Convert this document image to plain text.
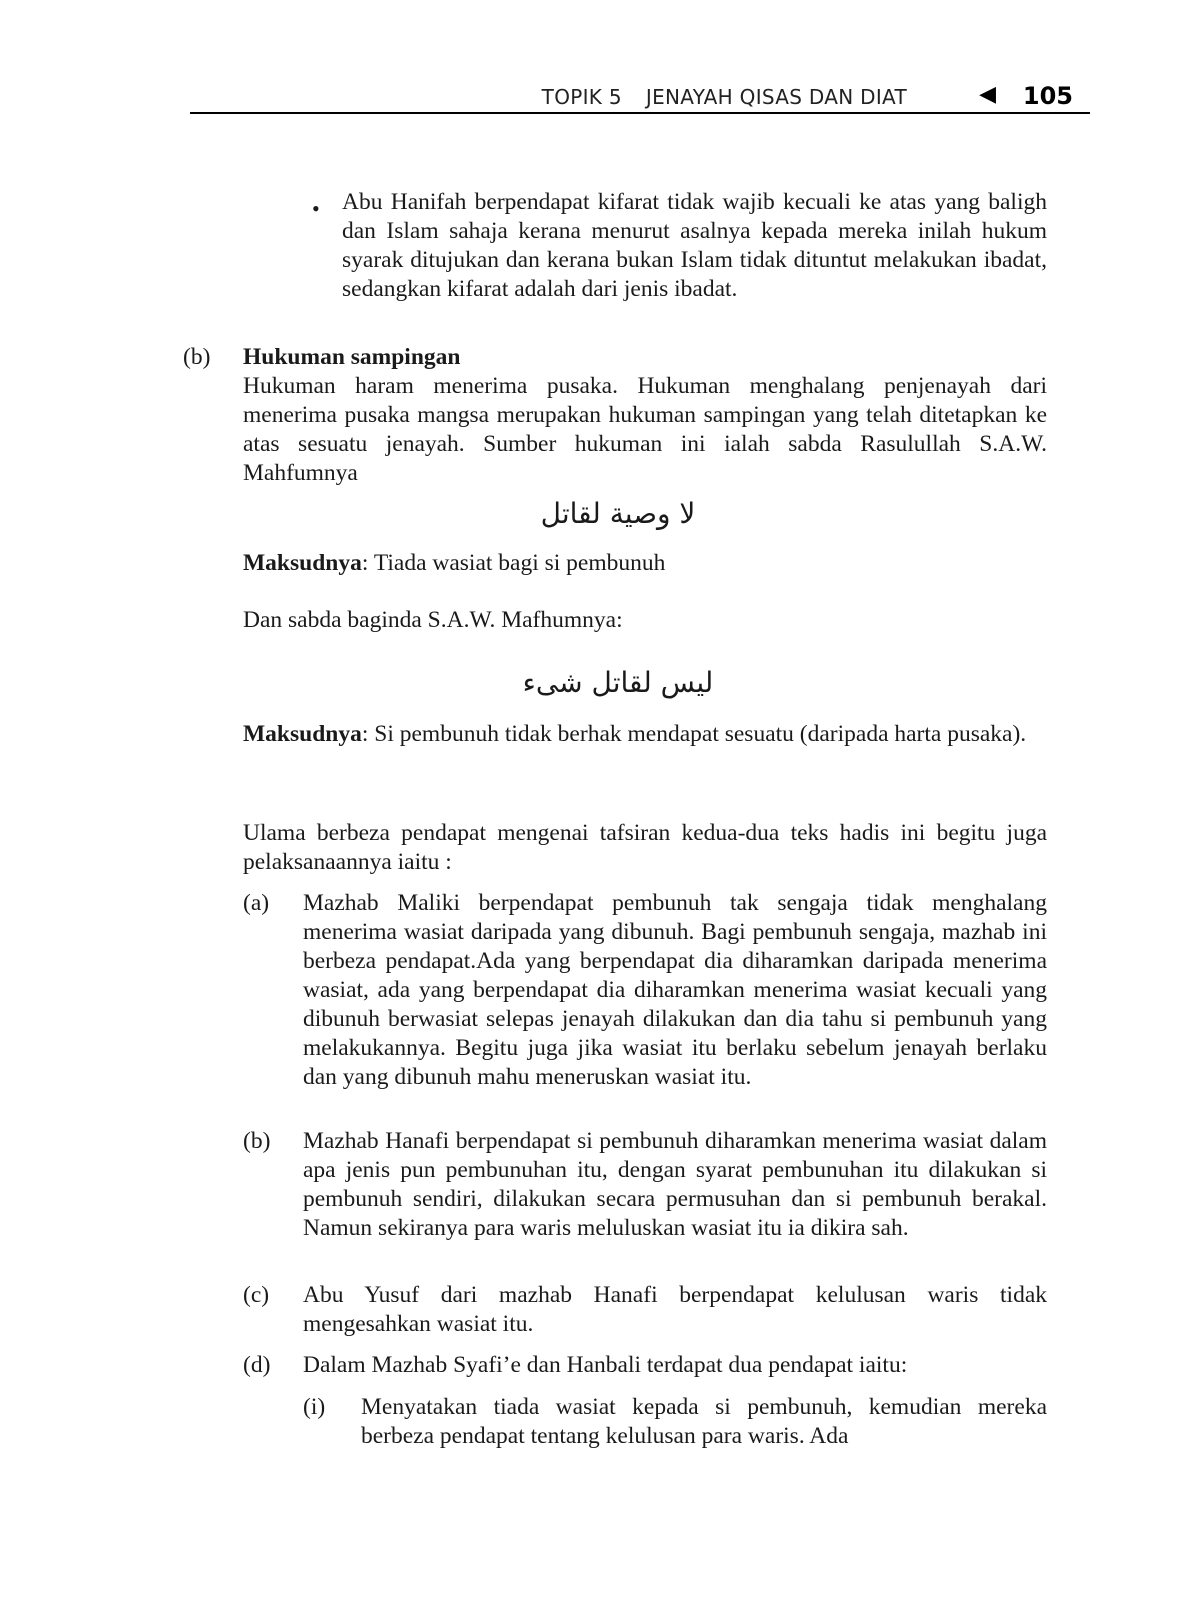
TOPIK 5 JENAYAH QISAS DAN DIAT	◀ 105
• Abu Hanifah berpendapat kifarat tidak wajib kecuali ke atas yang baligh dan Islam sahaja kerana menurut asalnya kepada mereka inilah hukum syarak ditujukan dan kerana bukan Islam tidak dituntut melakukan ibadat, sedangkan kifarat adalah dari jenis ibadat.

(b) Hukuman sampingan

Hukuman haram menerima pusaka. Hukuman menghalang penjenayah dari menerima pusaka mangsa merupakan hukuman sampingan yang telah ditetapkan ke atas sesuatu jenayah. Sumber hukuman ini ialah sabda Rasulullah S.A.W. Mahfumnya

لا وصية لقاتل

Maksudnya: Tiada wasiat bagi si pembunuh

Dan sabda baginda S.A.W. Mafhumnya:

ليس لقاتل شىء

Maksudnya: Si pembunuh tidak berhak mendapat sesuatu (daripada harta pusaka).

Ulama berbeza pendapat mengenai tafsiran kedua-dua teks hadis ini begitu juga pelaksanaannya iaitu :

(a) Mazhab Maliki berpendapat pembunuh tak sengaja tidak menghalang menerima wasiat daripada yang dibunuh. Bagi pembunuh sengaja, mazhab ini berbeza pendapat.Ada yang berpendapat dia diharamkan daripada menerima wasiat, ada yang berpendapat dia diharamkan menerima wasiat kecuali yang dibunuh berwasiat selepas jenayah dilakukan dan dia tahu si pembunuh yang melakukannya. Begitu juga jika wasiat itu berlaku sebelum jenayah berlaku dan yang dibunuh mahu meneruskan wasiat itu.

(b) Mazhab Hanafi berpendapat si pembunuh diharamkan menerima wasiat dalam apa jenis pun pembunuhan itu, dengan syarat pembunuhan itu dilakukan si pembunuh sendiri, dilakukan secara permusuhan dan si pembunuh berakal. Namun sekiranya para waris meluluskan wasiat itu ia dikira sah.

(c) Abu Yusuf dari mazhab Hanafi berpendapat kelulusan waris tidak mengesahkan wasiat itu.

(d) Dalam Mazhab Syafi’e dan Hanbali terdapat dua pendapat iaitu:

(i) Menyatakan tiada wasiat kepada si pembunuh, kemudian mereka berbeza pendapat tentang kelulusan para waris. Ada
